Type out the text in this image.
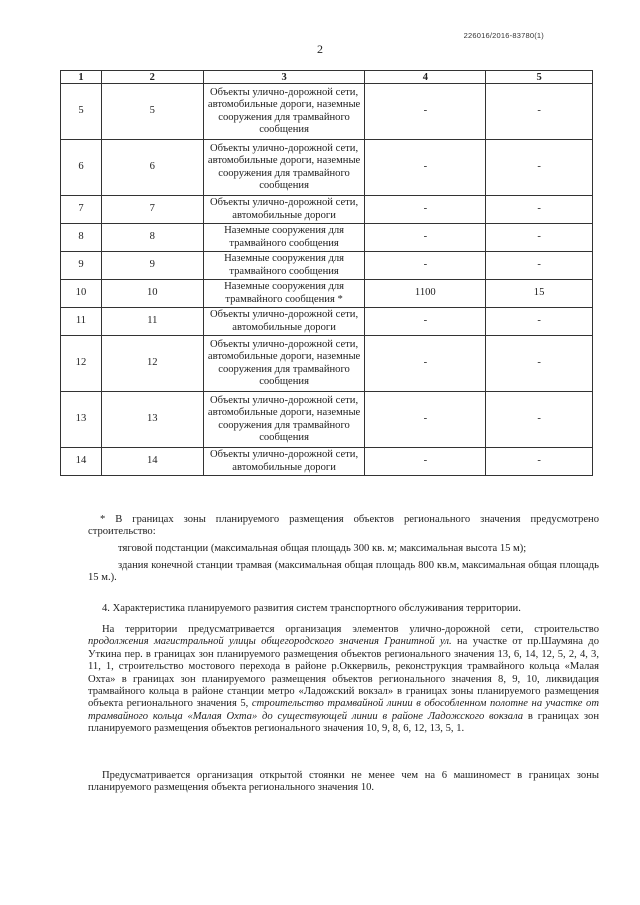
226016/2016-83780(1)
2
1	2	3	4	5
5	5	Объекты улично-дорожной сети, автомобильные дороги, наземные сооружения для трамвайного сообщения	-	-
6	6	Объекты улично-дорожной сети, автомобильные дороги, наземные сооружения для трамвайного сообщения	-	-
7	7	Объекты улично-дорожной сети, автомобильные дороги	-	-
8	8	Наземные сооружения для трамвайного сообщения	-	-
9	9	Наземные сооружения для трамвайного сообщения	-	-
10	10	Наземные сооружения для трамвайного сообщения *	1100	15
11	11	Объекты улично-дорожной сети, автомобильные дороги	-	-
12	12	Объекты улично-дорожной сети, автомобильные дороги, наземные сооружения для трамвайного сообщения	-	-
13	13	Объекты улично-дорожной сети, автомобильные дороги, наземные сооружения для трамвайного сообщения	-	-
14	14	Объекты улично-дорожной сети, автомобильные дороги	-	-
* В границах зоны планируемого размещения объектов регионального значения предусмотрено строительство:
тяговой подстанции (максимальная общая площадь 300 кв. м; максимальная высота 15 м);
здания конечной станции трамвая (максимальная общая площадь 800 кв.м, максимальная общая площадь 15 м.).
4. Характеристика планируемого развития систем транспортного обслуживания территории.
На территории предусматривается организация элементов улично-дорожной сети, строительство продолжения магистральной улицы общегородского значения Гранитной ул. на участке от пр.Шаумяна до Уткина пер. в границах зон планируемого размещения объектов регионального значения 13, 6, 14, 12, 5, 2, 4, 3, 11, 1, строительство мостового перехода в районе р.Оккервиль, реконструкция трамвайного кольца «Малая Охта» в границах зон планируемого размещения объектов регионального значения 8, 9, 10, ликвидация трамвайного кольца в районе станции метро «Ладожский вокзал» в границах зоны планируемого размещения объекта регионального значения 5, строительство трамвайной линии в обособленном полотне на участке от трамвайного кольца «Малая Охта» до существующей линии в районе Ладожского вокзала в границах зон планируемого размещения объектов регионального значения 10, 9, 8, 6, 12, 13, 5, 1.
Предусматривается организация открытой стоянки не менее чем на 6 машиномест в границах зоны планируемого размещения объекта регионального значения 10.
